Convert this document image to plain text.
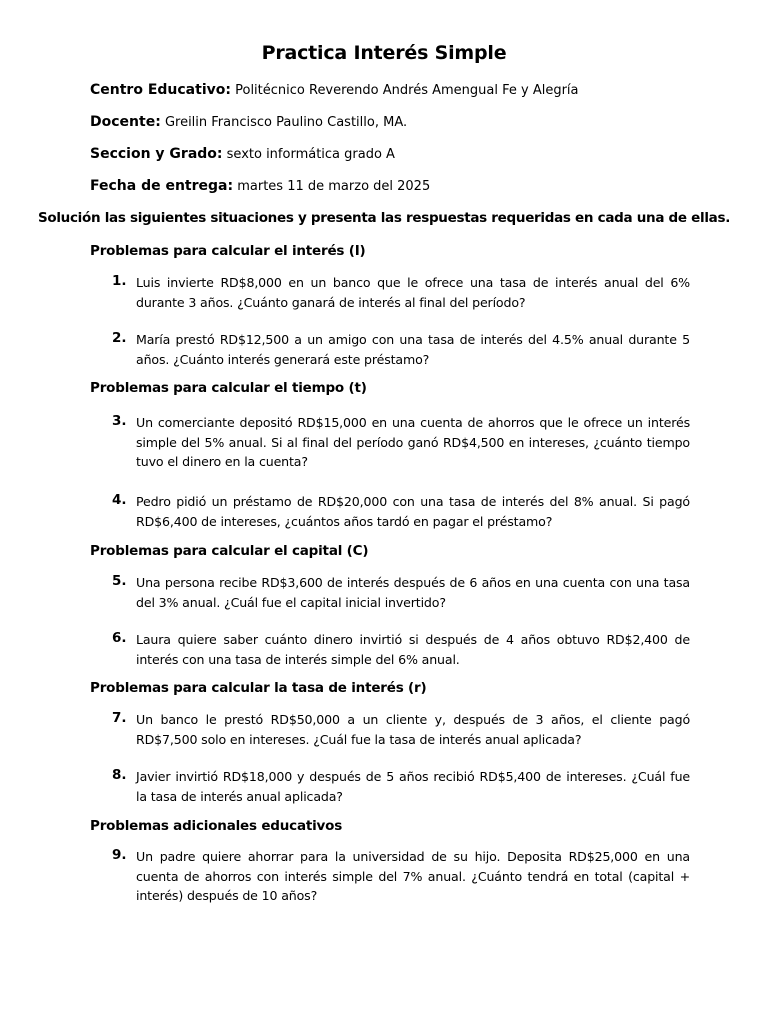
Practica Interés Simple
Centro Educativo: Politécnico Reverendo Andrés Amengual Fe y Alegría
Docente: Greilin Francisco Paulino Castillo, MA.
Seccion y Grado: sexto informática grado A
Fecha de entrega: martes 11 de marzo del 2025
Solución las siguientes situaciones y presenta las respuestas requeridas en cada una de ellas.
Problemas para calcular el interés (I)
1. Luis invierte RD$8,000 en un banco que le ofrece una tasa de interés anual del 6% durante 3 años. ¿Cuánto ganará de interés al final del período?
2. María prestó RD$12,500 a un amigo con una tasa de interés del 4.5% anual durante 5 años. ¿Cuánto interés generará este préstamo?
Problemas para calcular el tiempo (t)
3. Un comerciante depositó RD$15,000 en una cuenta de ahorros que le ofrece un interés simple del 5% anual. Si al final del período ganó RD$4,500 en intereses, ¿cuánto tiempo tuvo el dinero en la cuenta?
4. Pedro pidió un préstamo de RD$20,000 con una tasa de interés del 8% anual. Si pagó RD$6,400 de intereses, ¿cuántos años tardó en pagar el préstamo?
Problemas para calcular el capital (C)
5. Una persona recibe RD$3,600 de interés después de 6 años en una cuenta con una tasa del 3% anual. ¿Cuál fue el capital inicial invertido?
6. Laura quiere saber cuánto dinero invirtió si después de 4 años obtuvo RD$2,400 de interés con una tasa de interés simple del 6% anual.
Problemas para calcular la tasa de interés (r)
7. Un banco le prestó RD$50,000 a un cliente y, después de 3 años, el cliente pagó RD$7,500 solo en intereses. ¿Cuál fue la tasa de interés anual aplicada?
8. Javier invirtió RD$18,000 y después de 5 años recibió RD$5,400 de intereses. ¿Cuál fue la tasa de interés anual aplicada?
Problemas adicionales educativos
9. Un padre quiere ahorrar para la universidad de su hijo. Deposita RD$25,000 en una cuenta de ahorros con interés simple del 7% anual. ¿Cuánto tendrá en total (capital + interés) después de 10 años?
